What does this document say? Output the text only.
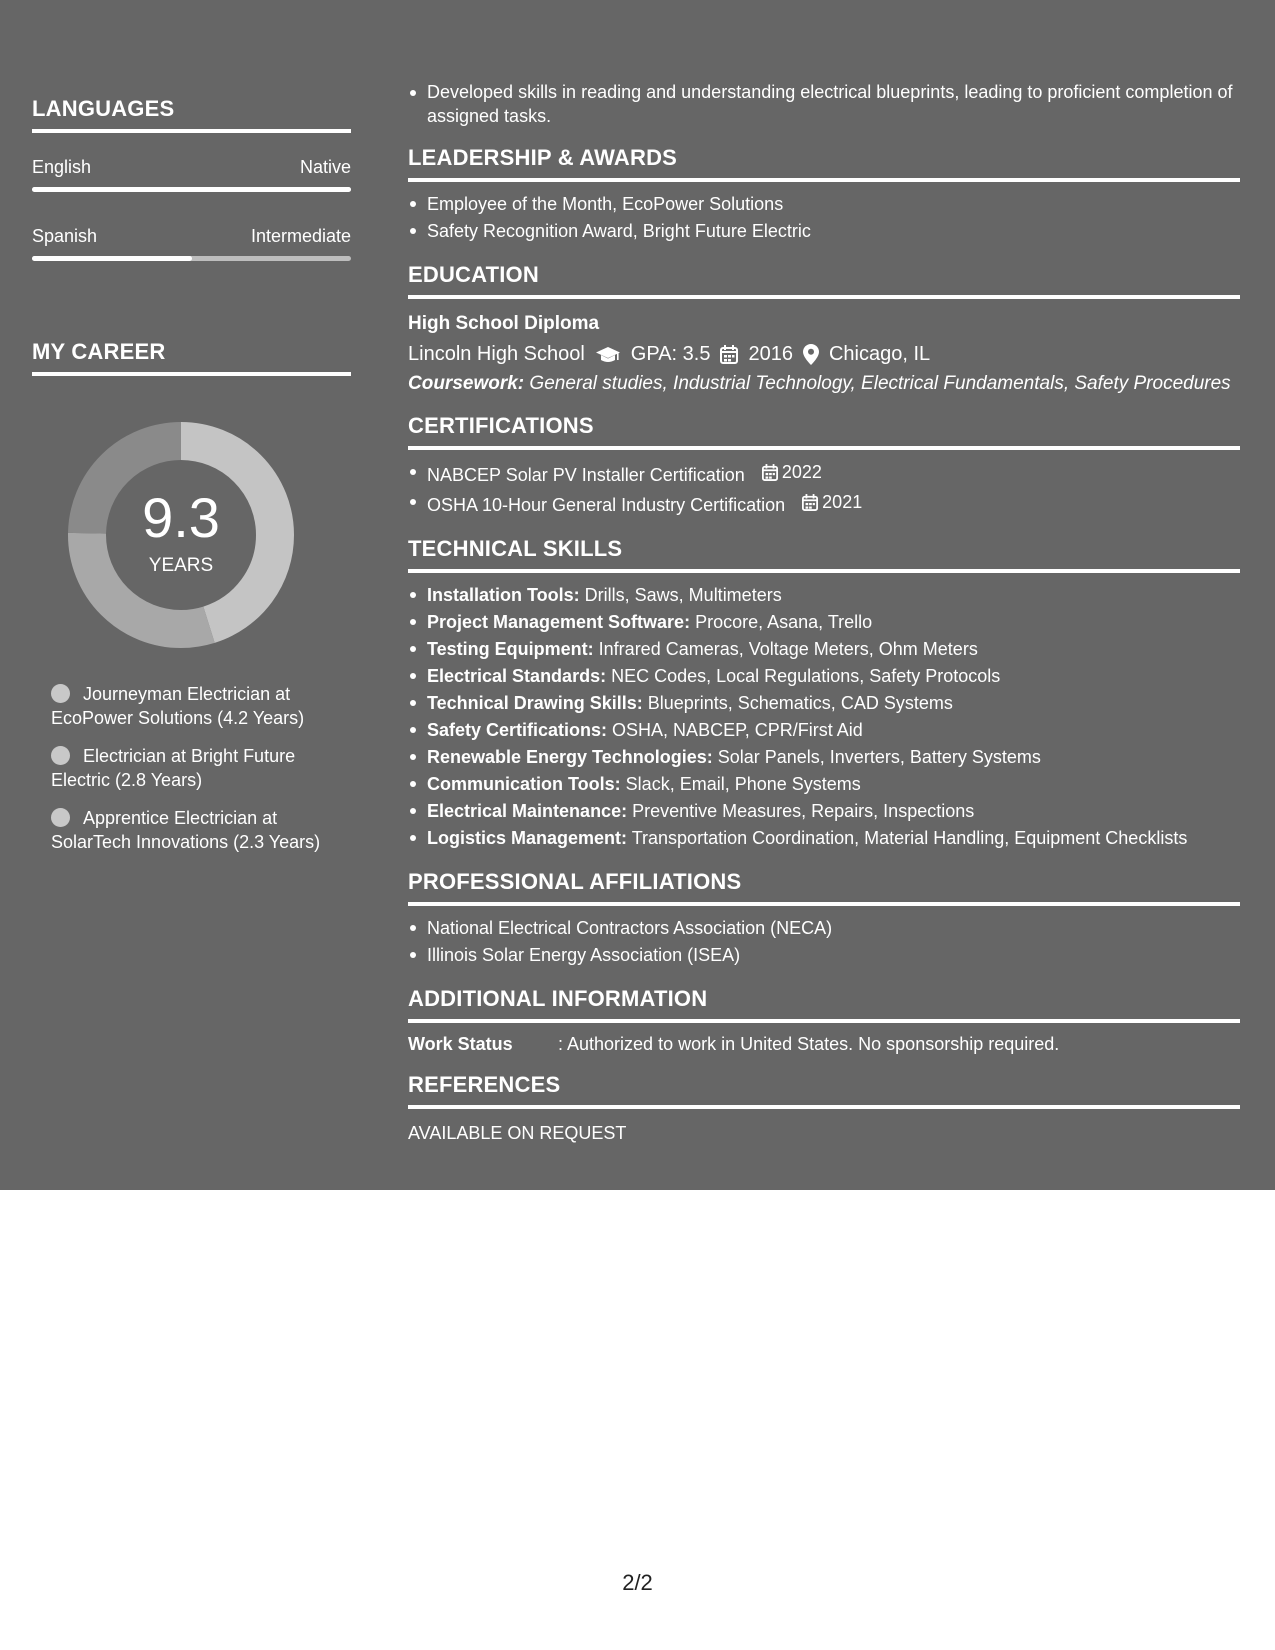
LANGUAGES
English	Native
Spanish	Intermediate
MY CAREER
9.3
YEARS
Journeyman Electrician at EcoPower Solutions (4.2 Years)
Electrician at Bright Future Electric (2.8 Years)
Apprentice Electrician at SolarTech Innovations (2.3 Years)
Developed skills in reading and understanding electrical blueprints, leading to proficient completion of assigned tasks.
LEADERSHIP & AWARDS
Employee of the Month, EcoPower Solutions
Safety Recognition Award, Bright Future Electric
EDUCATION
High School Diploma
Lincoln High School GPA: 3.5 2016 Chicago, IL
Coursework: General studies, Industrial Technology, Electrical Fundamentals, Safety Procedures
CERTIFICATIONS
NABCEP Solar PV Installer Certification 2022
OSHA 10-Hour General Industry Certification 2021
TECHNICAL SKILLS
Installation Tools: Drills, Saws, Multimeters
Project Management Software: Procore, Asana, Trello
Testing Equipment: Infrared Cameras, Voltage Meters, Ohm Meters
Electrical Standards: NEC Codes, Local Regulations, Safety Protocols
Technical Drawing Skills: Blueprints, Schematics, CAD Systems
Safety Certifications: OSHA, NABCEP, CPR/First Aid
Renewable Energy Technologies: Solar Panels, Inverters, Battery Systems
Communication Tools: Slack, Email, Phone Systems
Electrical Maintenance: Preventive Measures, Repairs, Inspections
Logistics Management: Transportation Coordination, Material Handling, Equipment Checklists
PROFESSIONAL AFFILIATIONS
National Electrical Contractors Association (NECA)
Illinois Solar Energy Association (ISEA)
ADDITIONAL INFORMATION
Work Status	: Authorized to work in United States. No sponsorship required.
REFERENCES
AVAILABLE ON REQUEST
2/2
